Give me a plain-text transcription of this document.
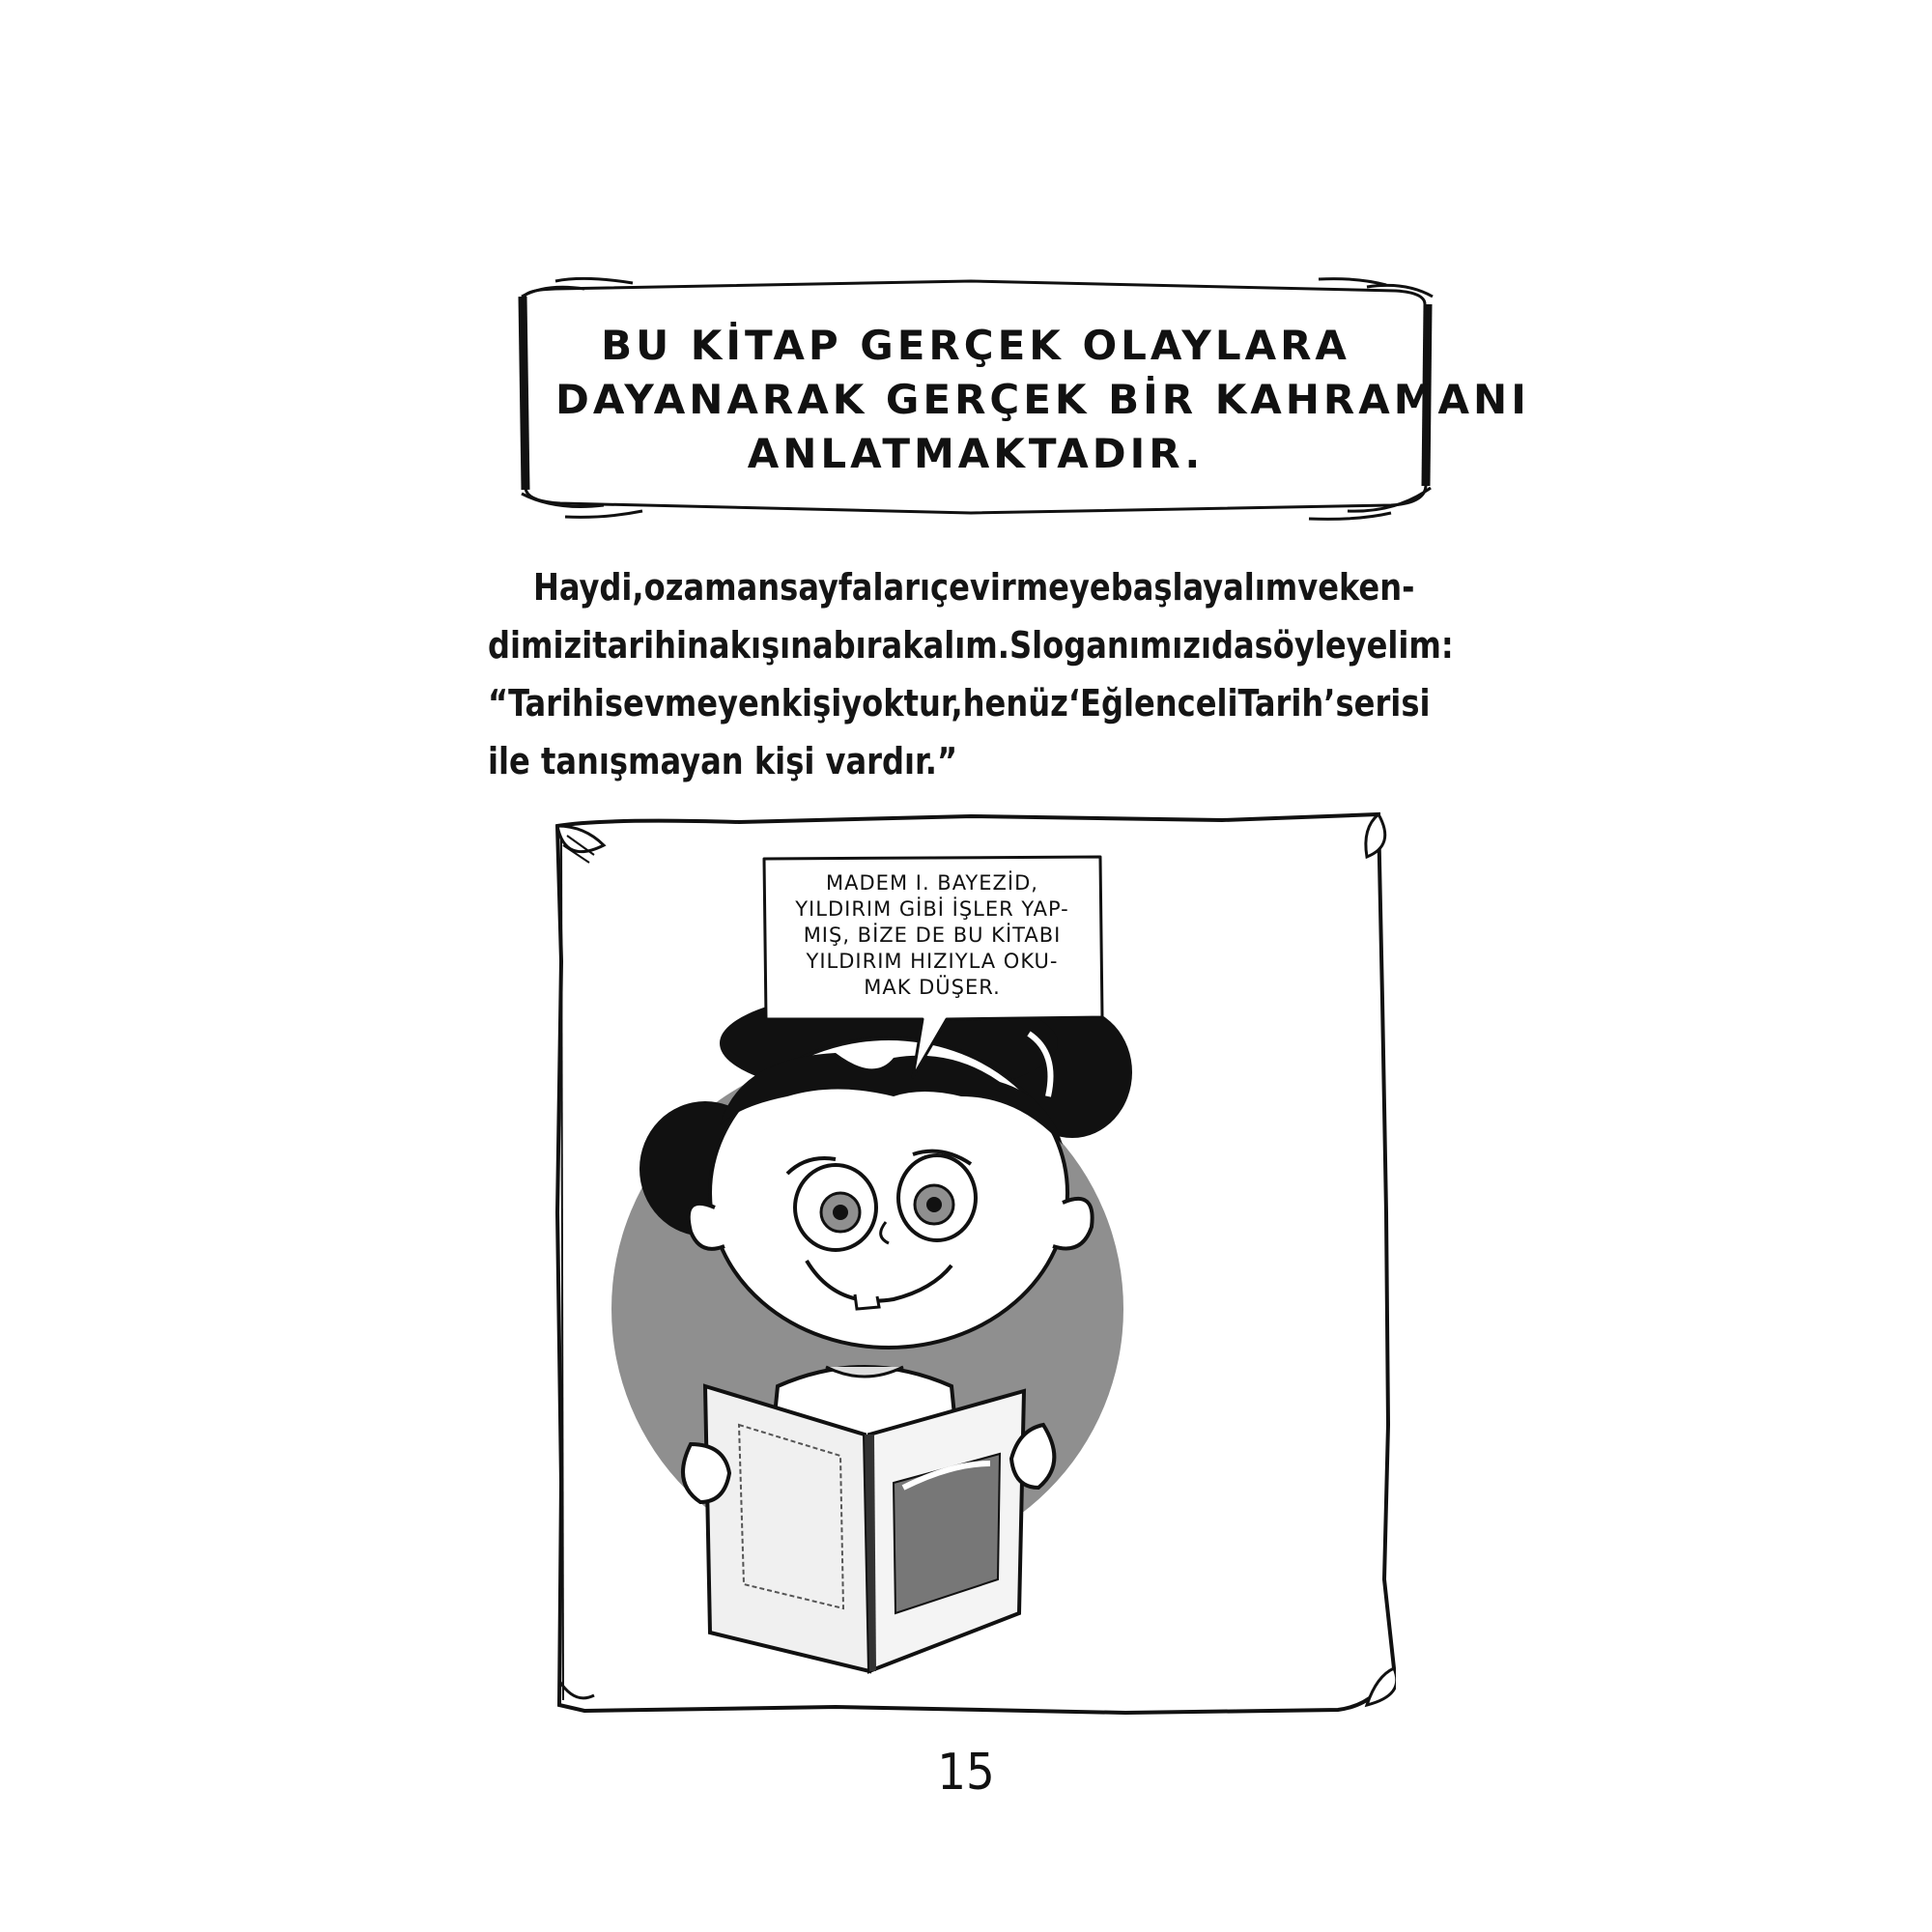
BU KİTAP GERÇEK OLAYLARA
DAYANARAK GERÇEK BİR KAHRAMANI
ANLATMAKTADIR.
Haydi, o zaman sayfaları çevirmeye başlayalım ve ken-
dimizi tarihin akışına bırakalım. Sloganımızı da söyleyelim:
“Tarihi sevmeyen kişi yoktur, henüz ‘Eğlenceli Tarih’ serisi
ile tanışmayan kişi vardır.”
MADEM I. BAYEZİD,
YILDIRIM GİBİ İŞLER YAP-
MIŞ, BİZE DE BU KİTABI
YILDIRIM HIZIYLA OKU-
MAK DÜŞER.
15
